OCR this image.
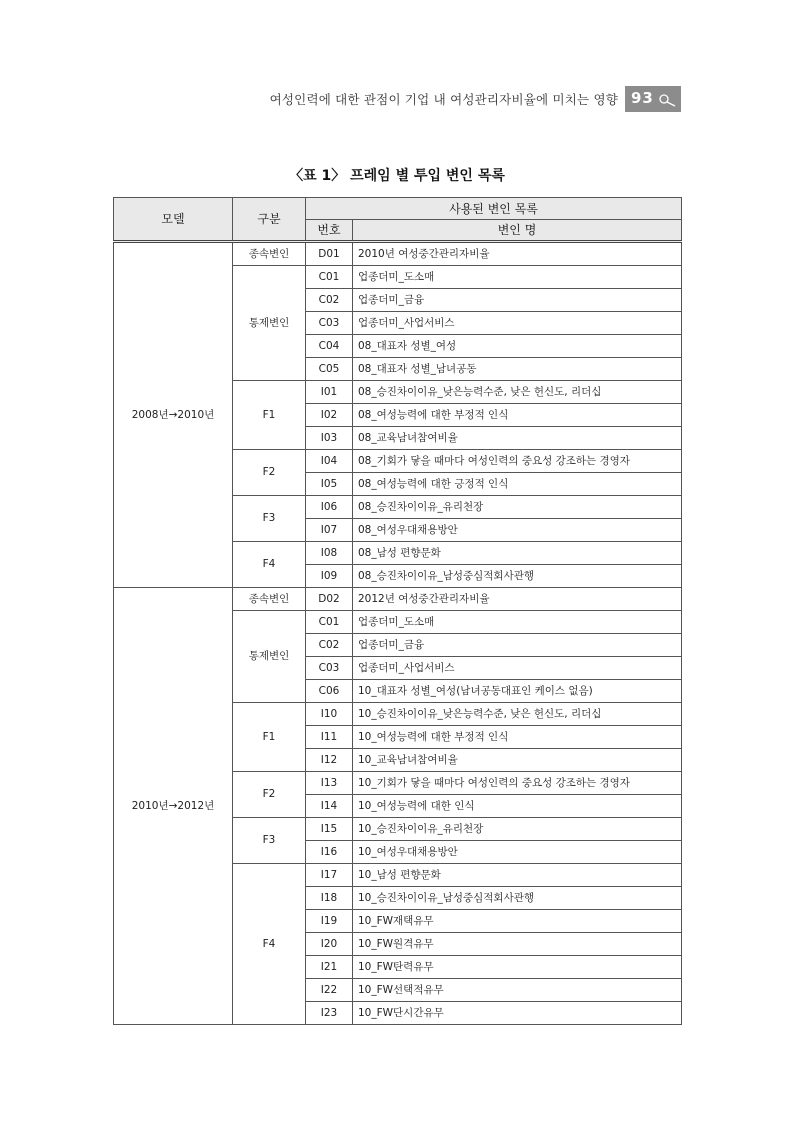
여성인력에 대한 관점이 기업 내 여성관리자비율에 미치는 영향 93
〈표 1〉 프레임 별 투입 변인 목록
모델	구분	사용된 변인 목록	
		번호	변인 명
2008년→2010년	종속변인	D01	2010년 여성중간관리자비율
	통제변인	C01	업종더미_도소매
		C02	업종더미_금융
		C03	업종더미_사업서비스
		C04	08_대표자 성별_여성
		C05	08_대표자 성별_남녀공동
	F1	I01	08_승진차이이유_낮은능력수준, 낮은 헌신도, 리더십
		I02	08_여성능력에 대한 부정적 인식
		I03	08_교육남녀참여비율
	F2	I04	08_기회가 닿을 때마다 여성인력의 중요성 강조하는 경영자
		I05	08_여성능력에 대한 긍정적 인식
	F3	I06	08_승진차이이유_유리천장
		I07	08_여성우대채용방안
	F4	I08	08_남성 편향문화
		I09	08_승진차이이유_남성중심적회사관행
2010년→2012년	종속변인	D02	2012년 여성중간관리자비율
	통제변인	C01	업종더미_도소매
		C02	업종더미_금융
		C03	업종더미_사업서비스
		C06	10_대표자 성별_여성(남녀공동대표인 케이스 없음)
	F1	I10	10_승진차이이유_낮은능력수준, 낮은 헌신도, 리더십
		I11	10_여성능력에 대한 부정적 인식
		I12	10_교육남녀참여비율
	F2	I13	10_기회가 닿을 때마다 여성인력의 중요성 강조하는 경영자
		I14	10_여성능력에 대한 인식
	F3	I15	10_승진차이이유_유리천장
		I16	10_여성우대채용방안
	F4	I17	10_남성 편향문화
		I18	10_승진차이이유_남성중심적회사관행
		I19	10_FW재택유무
		I20	10_FW원격유무
		I21	10_FW탄력유무
		I22	10_FW선택적유무
		I23	10_FW단시간유무
